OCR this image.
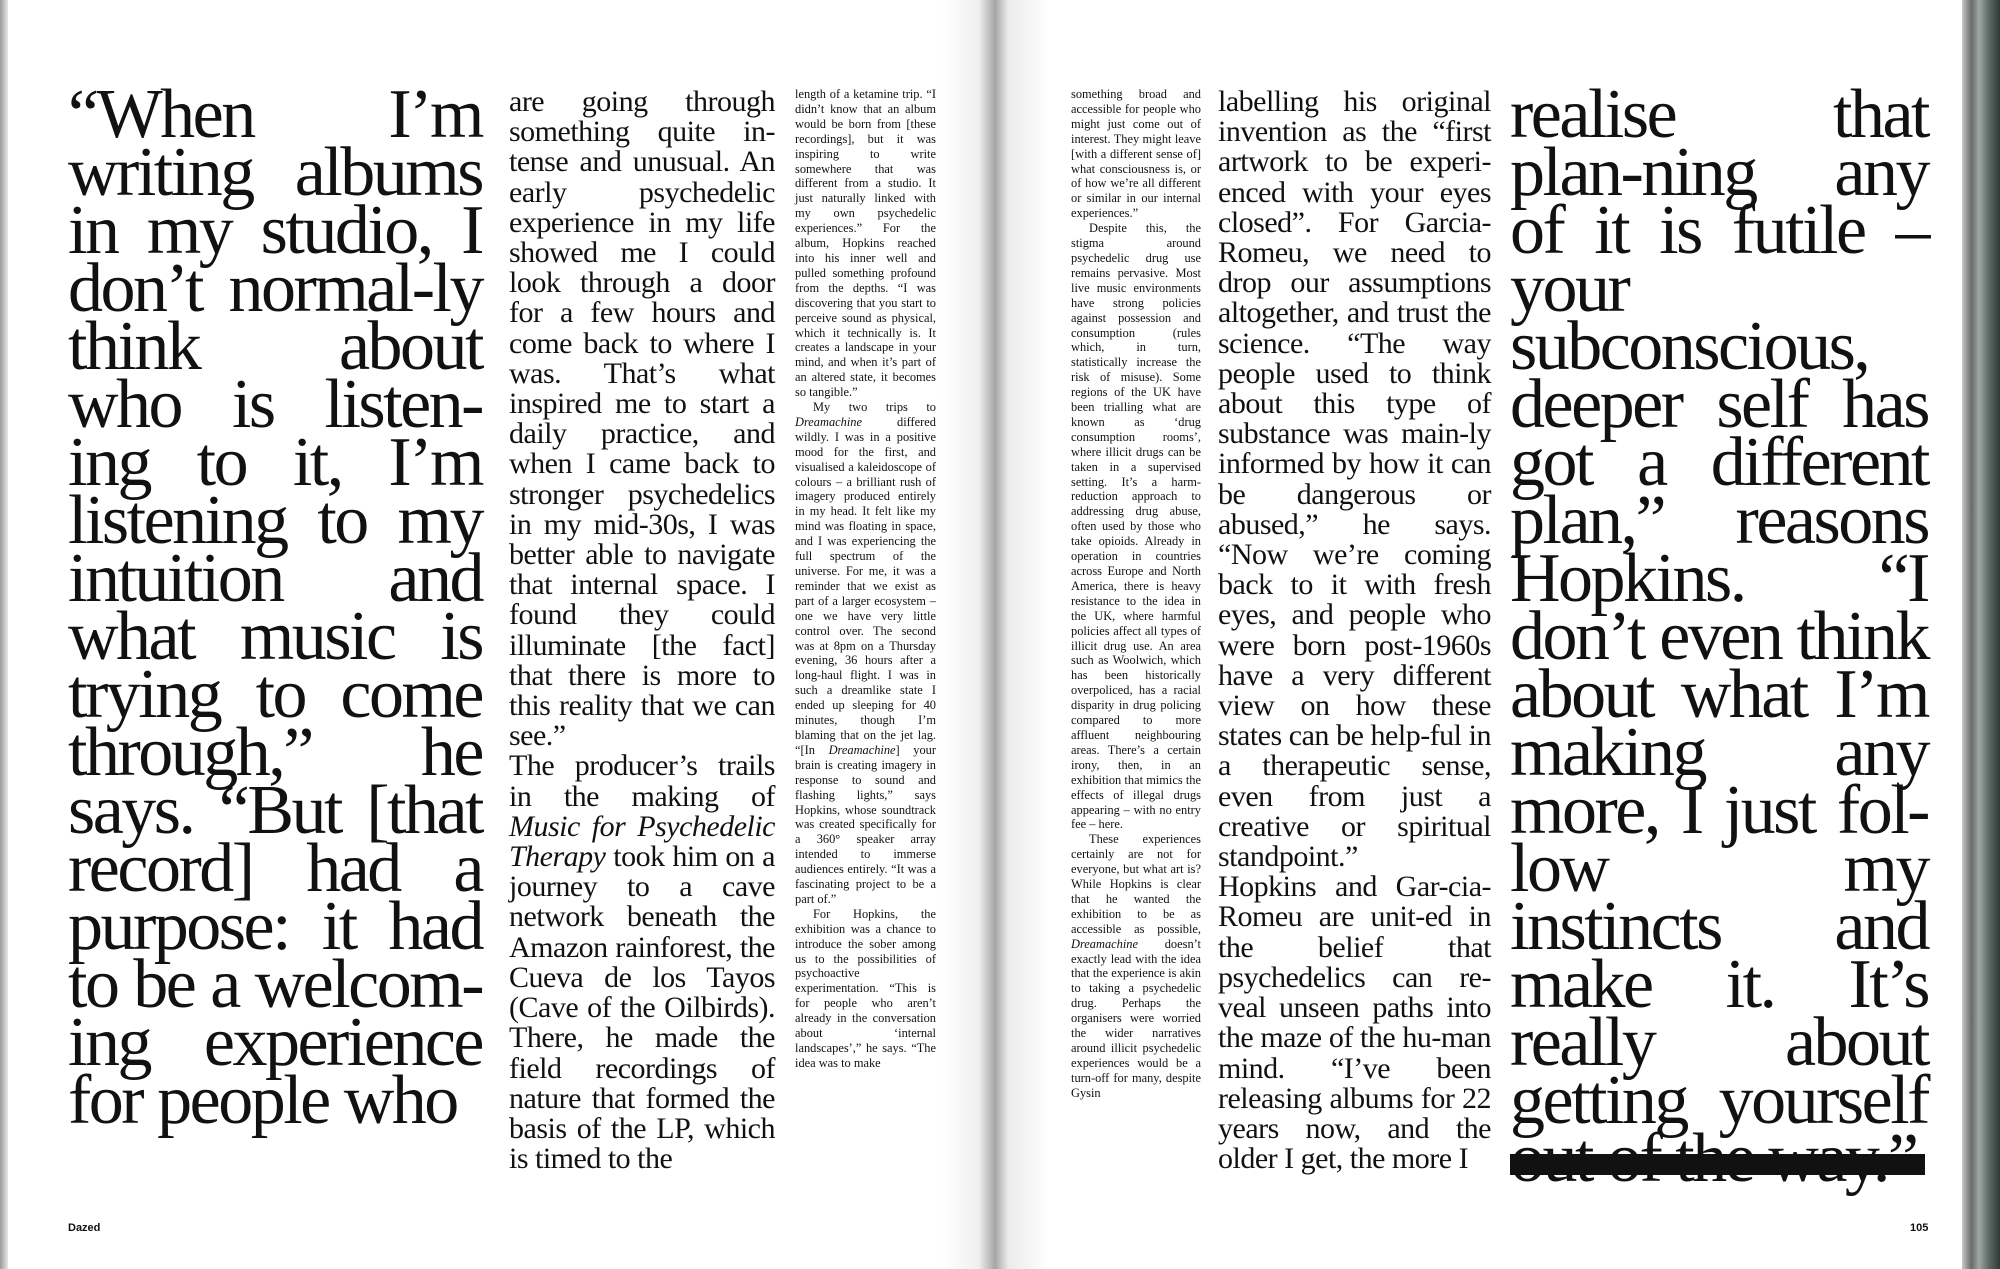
“When I’m writing albums in my studio, I don’t normal-ly think about who is listen-ing to it, I’m listening to my intuition and what music is trying to come through,” he says. “But [that record] had a purpose: it had to be a welcom-ing experience for people who

are going through something quite in-tense and unusual. An early psychedelic experience in my life showed me I could look through a door for a few hours and come back to where I was. That’s what inspired me to start a daily practice, and when I came back to stronger psychedelics in my mid-30s, I was better able to navigate that internal space. I found they could illuminate [the fact] that there is more to this reality that we can see.”

The producer’s trails in the making of Music for Psychedelic Therapy took him on a journey to a cave network beneath the Amazon rainforest, the Cueva de los Tayos (Cave of the Oilbirds). There, he made the field recordings of nature that formed the basis of the LP, which is timed to the

length of a ketamine trip. “I didn’t know that an album would be born from [these recordings], but it was inspiring to write somewhere that was different from a studio. It just naturally linked with my own psychedelic experiences.” For the album, Hopkins reached into his inner well and pulled something profound from the depths. “I was discovering that you start to perceive sound as physical, which it technically is. It creates a landscape in your mind, and when it’s part of an altered state, it becomes so tangible.”

My two trips to Dreamachine differed wildly. I was in a positive mood for the first, and visualised a kaleidoscope of colours – a brilliant rush of imagery produced entirely in my head. It felt like my mind was floating in space, and I was experiencing the full spectrum of the universe. For me, it was a reminder that we exist as part of a larger ecosystem – one we have very little control over. The second was at 8pm on a Thursday evening, 36 hours after a long-haul flight. I was in such a dreamlike state I ended up sleeping for 40 minutes, though I’m blaming that on the jet lag. “[In Dreamachine] your brain is creating imagery in response to sound and flashing lights,” says Hopkins, whose soundtrack was created specifically for a 360° speaker array intended to immerse audiences entirely. “It was a fascinating project to be a part of.”

For Hopkins, the exhibition was a chance to introduce the sober among us to the possibilities of psychoactive experimentation. “This is for people who aren’t already in the conversation about ‘internal landscapes’,” he says. “The idea was to make

Dazed

something broad and accessible for people who might just come out of interest. They might leave [with a different sense of] what consciousness is, or of how we’re all different or similar in our internal experiences.”

Despite this, the stigma around psychedelic drug use remains pervasive. Most live music environments have strong policies against possession and consumption (rules which, in turn, statistically increase the risk of misuse). Some regions of the UK have been trialling what are known as ‘drug consumption rooms’, where illicit drugs can be taken in a supervised setting. It’s a harm-reduction approach to addressing drug abuse, often used by those who take opioids. Already in operation in countries across Europe and North America, there is heavy resistance to the idea in the UK, where harmful policies affect all types of illicit drug use. An area such as Woolwich, which has been historically overpoliced, has a racial disparity in drug policing compared to more affluent neighbouring areas. There’s a certain irony, then, in an exhibition that mimics the effects of illegal drugs appearing – with no entry fee – here.

These experiences certainly are not for everyone, but what art is? While Hopkins is clear that he wanted the exhibition to be as accessible as possible, Dreamachine doesn’t exactly lead with the idea that the experience is akin to taking a psychedelic drug. Perhaps the organisers were worried the wider narratives around illicit psychedelic experiences would be a turn-off for many, despite Gysin

labelling his original invention as the “first artwork to be experi-enced with your eyes closed”. For Garcia-Romeu, we need to drop our assumptions altogether, and trust the science. “The way people used to think about this type of substance was main-ly informed by how it can be dangerous or abused,” he says. “Now we’re coming back to it with fresh eyes, and people who were born post-1960s have a very different view on how these states can be help-ful in a therapeutic sense, even from just a creative or spiritual standpoint.”

Hopkins and Gar-cia-Romeu are unit-ed in the belief that psychedelics can re-veal unseen paths into the maze of the hu-man mind. “I’ve been releasing albums for 22 years now, and the older I get, the more I

realise that plan-ning any of it is futile – your subconscious, deeper self has got a different plan,” reasons Hopkins. “I don’t even think about what I’m making any more, I just fol-low my instincts and make it. It’s really about getting yourself
105
